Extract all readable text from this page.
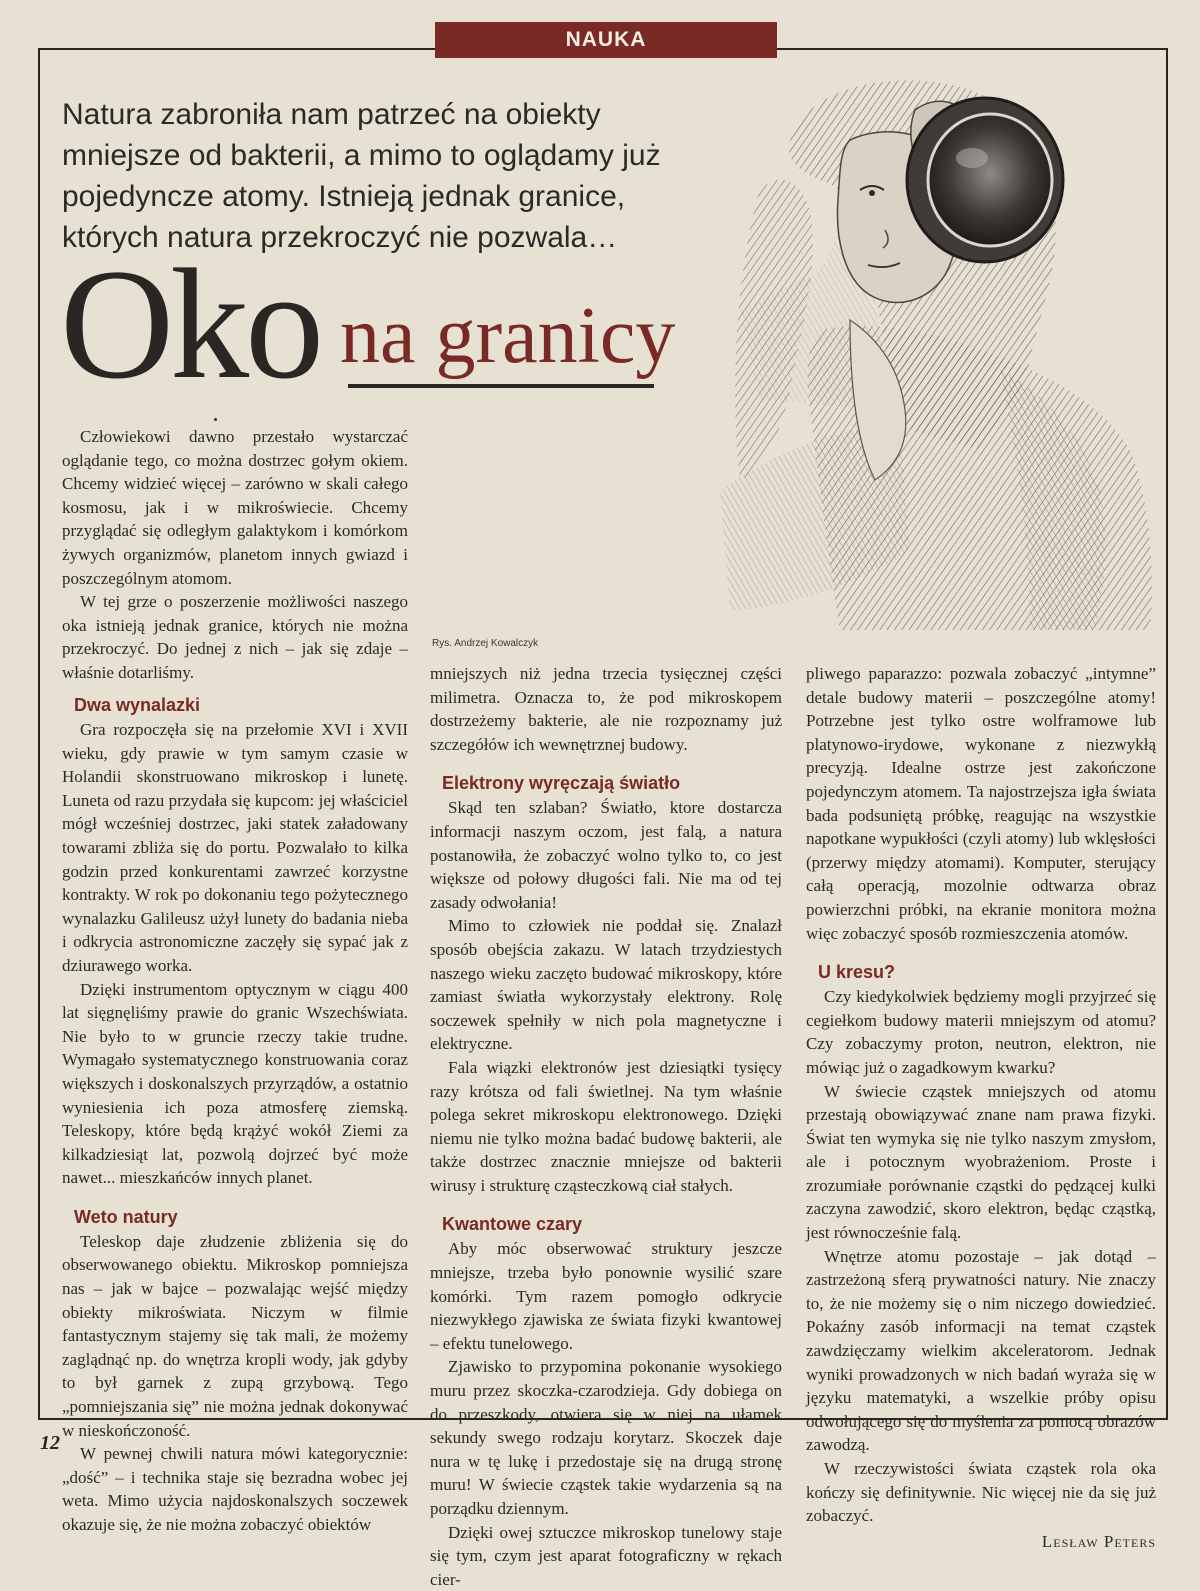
NAUKA
Natura zabroniła nam patrzeć na obiekty mniejsze od bakterii, a mimo to oglądamy już pojedyncze atomy. Istnieją jednak granice, których natura przekroczyć nie pozwala…
Oko na granicy
Rys. Andrzej Kowalczyk

Człowiekowi dawno przestało wystarczać oglądanie tego, co można dostrzec gołym okiem. Chcemy widzieć więcej – zarówno w skali całego kosmosu, jak i w mikroświecie. Chcemy przyglądać się odległym galaktykom i komórkom żywych organizmów, planetom innych gwiazd i poszczególnym atomom.

W tej grze o poszerzenie możliwości naszego oka istnieją jednak granice, których nie można przekroczyć. Do jednej z nich – jak się zdaje – właśnie dotarliśmy.

Dwa wynalazki

Gra rozpoczęła się na przełomie XVI i XVII wieku, gdy prawie w tym samym czasie w Holandii skonstruowano mikroskop i lunetę. Luneta od razu przydała się kupcom: jej właściciel mógł wcześniej dostrzec, jaki statek załadowany towarami zbliża się do portu. Pozwalało to kilka godzin przed konkurentami zawrzeć korzystne kontrakty. W rok po dokonaniu tego pożytecznego wynalazku Galileusz użył lunety do badania nieba i odkrycia astronomiczne zaczęły się sypać jak z dziurawego worka.

Dzięki instrumentom optycznym w ciągu 400 lat sięgnęliśmy prawie do granic Wszechświata. Nie było to w gruncie rzeczy takie trudne. Wymagało systematycznego konstruowania coraz większych i doskonalszych przyrządów, a ostatnio wyniesienia ich poza atmosferę ziemską. Teleskopy, które będą krążyć wokół Ziemi za kilkadziesiąt lat, pozwolą dojrzeć być może nawet... mieszkańców innych planet.

Weto natury

Teleskop daje złudzenie zbliżenia się do obserwowanego obiektu. Mikroskop pomniejsza nas – jak w bajce – pozwalając wejść między obiekty mikroświata. Niczym w filmie fantastycznym stajemy się tak mali, że możemy zaglądnąć np. do wnętrza kropli wody, jak gdyby to był garnek z zupą grzybową. Tego „pomniejszania się” nie można jednak dokonywać w nieskończoność.

W pewnej chwili natura mówi kategorycznie: „dość” – i technika staje się bezradna wobec jej weta. Mimo użycia najdoskonalszych soczewek okazuje się, że nie można zobaczyć obiektów

mniejszych niż jedna trzecia tysięcznej części milimetra. Oznacza to, że pod mikroskopem dostrzeżemy bakterie, ale nie rozpoznamy już szczegółów ich wewnętrznej budowy.

Elektrony wyręczają światło

Skąd ten szlaban? Światło, ktore dostarcza informacji naszym oczom, jest falą, a natura postanowiła, że zobaczyć wolno tylko to, co jest większe od połowy długości fali. Nie ma od tej zasady odwołania!

Mimo to człowiek nie poddał się. Znalazł sposób obejścia zakazu. W latach trzydziestych naszego wieku zaczęto budować mikroskopy, które zamiast światła wykorzystały elektrony. Rolę soczewek spełniły w nich pola magnetyczne i elektryczne.

Fala wiązki elektronów jest dziesiątki tysięcy razy krótsza od fali świetlnej. Na tym właśnie polega sekret mikroskopu elektronowego. Dzięki niemu nie tylko można badać budowę bakterii, ale także dostrzec znacznie mniejsze od bakterii wirusy i strukturę cząsteczkową ciał stałych.

Kwantowe czary

Aby móc obserwować struktury jeszcze mniejsze, trzeba było ponownie wysilić szare komórki. Tym razem pomogło odkrycie niezwykłego zjawiska ze świata fizyki kwantowej – efektu tunelowego.

Zjawisko to przypomina pokonanie wysokiego muru przez skoczka-czarodzieja. Gdy dobiega on do przeszkody, otwiera się w niej na ułamek sekundy swego rodzaju korytarz. Skoczek daje nura w tę lukę i przedostaje się na drugą stronę muru! W świecie cząstek takie wydarzenia są na porządku dziennym.

Dzięki owej sztuczce mikroskop tunelowy staje się tym, czym jest aparat fotograficzny w rękach cier-

pliwego paparazzo: pozwala zobaczyć „intymne” detale budowy materii – poszczególne atomy! Potrzebne jest tylko ostre wolframowe lub platynowo-irydowe, wykonane z niezwykłą precyzją. Idealne ostrze jest zakończone pojedynczym atomem. Ta najostrzejsza igła świata bada podsuniętą próbkę, reagując na wszystkie napotkane wypukłości (czyli atomy) lub wklęsłości (przerwy między atomami). Komputer, sterujący całą operacją, mozolnie odtwarza obraz powierzchni próbki, na ekranie monitora można więc zobaczyć sposób rozmieszczenia atomów.

U kresu?

Czy kiedykolwiek będziemy mogli przyjrzeć się cegiełkom budowy materii mniejszym od atomu? Czy zobaczymy proton, neutron, elektron, nie mówiąc już o zagadkowym kwarku?

W świecie cząstek mniejszych od atomu przestają obowiązywać znane nam prawa fizyki. Świat ten wymyka się nie tylko naszym zmysłom, ale i potocznym wyobrażeniom. Proste i zrozumiałe porównanie cząstki do pędzącej kulki zaczyna zawodzić, skoro elektron, będąc cząstką, jest równocześnie falą.

Wnętrze atomu pozostaje – jak dotąd – zastrzeżoną sferą prywatności natury. Nie znaczy to, że nie możemy się o nim niczego dowiedzieć. Pokaźny zasób informacji na temat cząstek zawdzięczamy wielkim akceleratorom. Jednak wyniki prowadzonych w nich badań wyraża się w języku matematyki, a wszelkie próby opisu odwołującego się do myślenia za pomocą obrazów zawodzą.

W rzeczywistości świata cząstek rola oka kończy się definitywnie. Nic więcej nie da się już zobaczyć.

Lesław Peters
12
